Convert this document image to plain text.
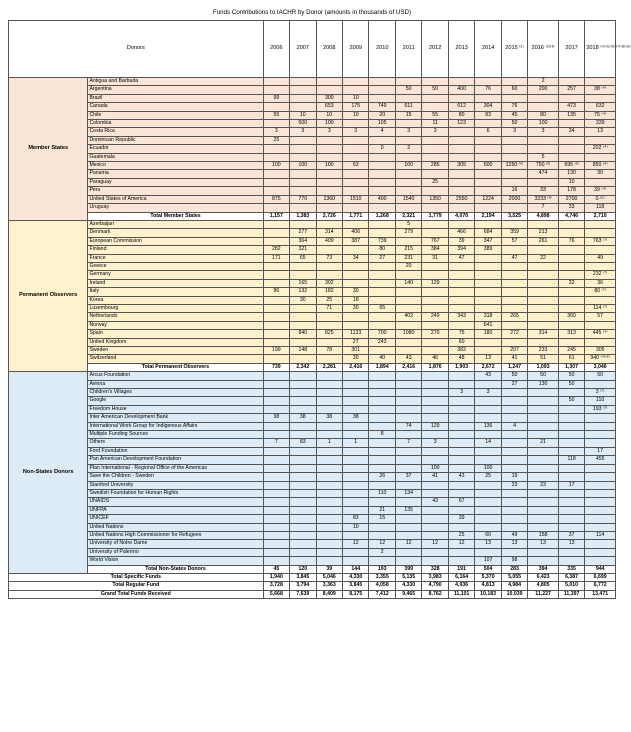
Funds Contributions to IACHR by Donor (amounts in thousands of USD)
Donors		2006	2007	2008	2009	2010	2011	2012	2013	2014	2015 ⁽¹⁾	2016 ⁽²⁾⁽³⁾	2017	2018 ⁽⁴⁾⁽⁵⁾⁽⁶⁾⁽⁷⁾⁽⁸⁾⁽⁹⁾
Member States	Antigua and Barbuda											2		
	Argentina						50	50	400	76	60	200	257	38 ⁽⁴⁾
	Brazil	99		300	10									
	Canada			653	175	749	611		612	304	76		473	632
	Chile	55	10	10	10	20	15	55	80	83	45	80	135	75 ⁽⁴⁾
	Colombia		500	100		105		11	123		50	100		339
	Costa Rica	3	3	3	3	4	3	3		6	3	3	34	13
	Dominican Republic	25												
	Ecuador					0	2							202 ⁽⁴⁾
	Guatemala											5		
	Mexico	100	100	100	63		100	285	305	500	1250 ⁽⁴⁾	750 ⁽²⁾	695 ⁽²⁾	850 ⁽⁴⁾
	Panama											474	130	30
	Paraguay							25					10	
	Peru										16	33	178	39 ⁽⁴⁾
	United States of America	875	770	1360	1510	400	1540	1350	2550	1224	2000	3233 ⁽³⁾	2700	0 ⁽⁵⁾
	Uruguay											7	33	118
	Total Member States	1,157	1,383	2,726	1,771	1,268	2,321	1,779	4,070	2,194	3,525	4,898	4,746	2,710
Permanent Observers	Azerbaijan						5							
	Denmark		277	314	406		279		466	684	359	213		
	European Commission		364	409	387	739		767	39	347	57	261	76	763 ⁽⁷⁾
	Finland	282	321			80	215	384	394	389				
	France	171	65	73	34	27	231	31	47		47	22		49
	Greece						20							
	Germany													232 ⁽⁷⁾
	Ireland		165	302			140	129					32	36
	Italy	86	132	182	30									80 ⁽⁷⁾
	Korea		30	25	18									
	Luxembourg			71	30	65								114 ⁽⁷⁾
	Netherlands						402	249	343	318	265		360	57
	Norway									541				
	Spain		840	825	1133	700	1080	270	75	180	272	314	313	445 ⁽⁴⁾
	United Kingdom				27	243			60					
	Sweden	199	148	78	301				382		207	233	245	305
	Switzerland				30	40	43	46	48	13	41	51	61	940 ⁽⁴⁾⁽⁶⁾
	Total Permanent Observers	739	2,342	2,281	2,416	1,894	2,416	1,876	1,903	2,672	1,247	1,093	1,307	3,046
Non-States Donors	Arcus Foundation									43	50	50	50	50
	Avinna										27	130	50	
	Children's Villages								3	3				3 ⁽⁷⁾
	Google												50	110
	Freedom House													193 ⁽⁷⁾
	Inter American Development Bank	38	38	38	38									
	International Work Group for Indigenous Affairs						74	129		136	4			
	Multiple Funding Sources					8								
	Others	7	83	1	1		7	3		14		21		
	Ford Foundation													17
	Pan American Development Foundation												118	455
	Plan International - Regional Office of the Americas							100		100				
	Save the Children - Sweden					26	37	41	43	25	19			
	Stanford University										23	23	17	
	Swedish Foundation for Human Rights					110	134							
	UNAIDS							43	67					
	UNFPA					21	135							
	UNICEF				83	15			39					
	United Nations				10									
	United Nations High Commissioner for Refugees								25	60	49	158	37	114
	University of Notre Dame				12	12	12	12	12	13	13	13	13	
	University of Palermo					2								
	World Vision									107	98			
	Total Non-States Donors	45	120	39	144	193	399	328	191	504	283	394	335	944
Total Specific Funds		1,940	3,845	5,046	4,330	3,355	5,135	3,983	6,164	5,370	5,055	6,423	6,387	6,699
Total Regular Fund		3,728	3,794	3,363	3,845	4,058	4,330	4,790	4,936	4,813	4,984	4,805	5,010	6,772
Grand Total Funds Received		5,668	7,639	8,409	8,175	7,412	9,465	8,762	11,101	10,183	10,039	11,227	11,397	13,471
